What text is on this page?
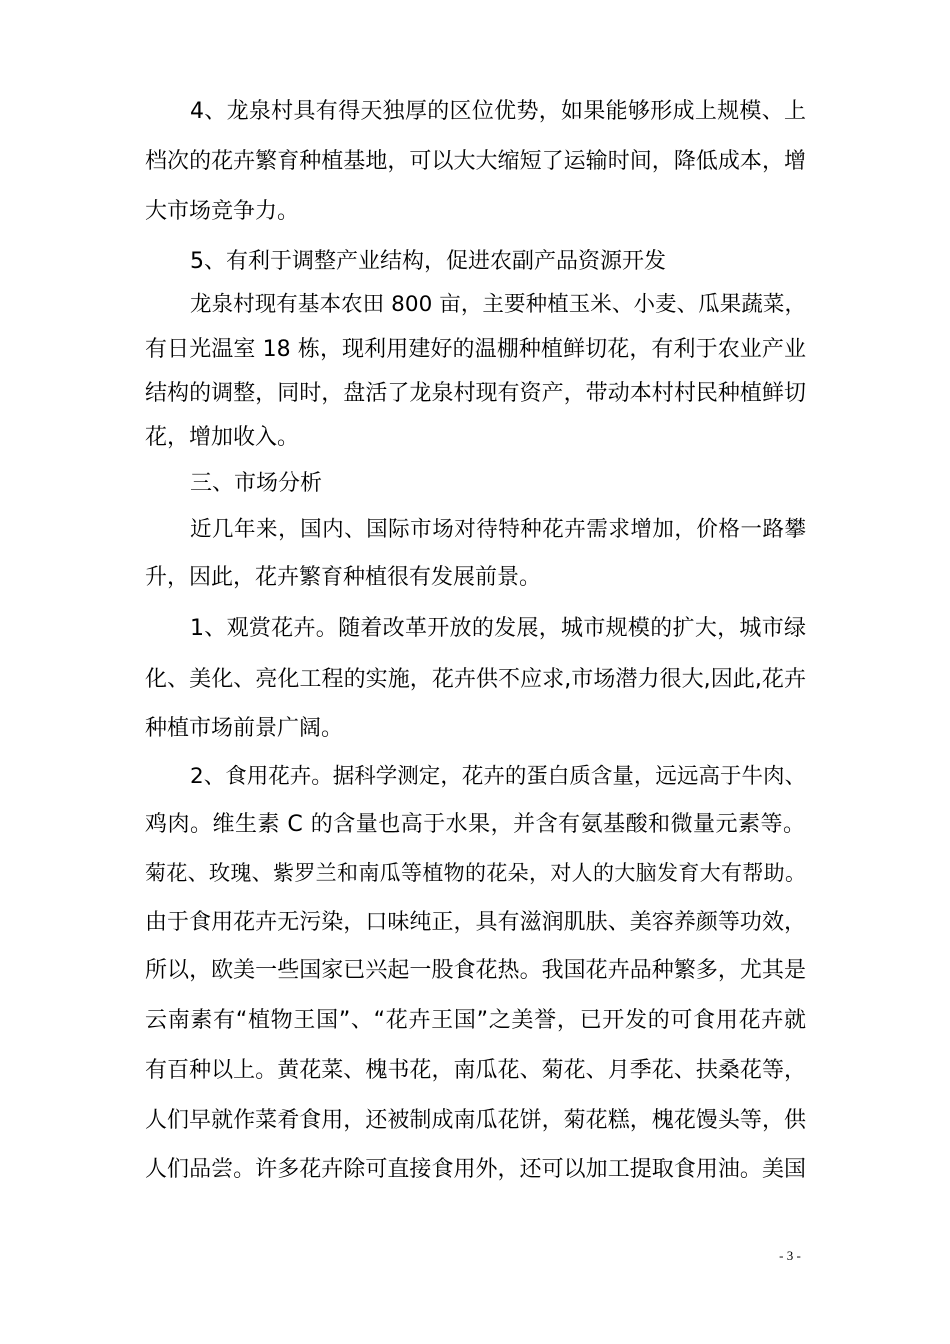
4、龙泉村具有得天独厚的区位优势，如果能够形成上规模、上
档次的花卉繁育种植基地，可以大大缩短了运输时间，降低成本，增
大市场竞争力。
5、有利于调整产业结构，促进农副产品资源开发
龙泉村现有基本农田 800 亩，主要种植玉米、小麦、瓜果蔬菜，
有日光温室 18 栋，现利用建好的温棚种植鲜切花，有利于农业产业
结构的调整，同时，盘活了龙泉村现有资产，带动本村村民种植鲜切
花，增加收入。
三、市场分析
近几年来，国内、国际市场对待特种花卉需求增加，价格一路攀
升，因此，花卉繁育种植很有发展前景。
1、观赏花卉。随着改革开放的发展，城市规模的扩大，城市绿
化、美化、亮化工程的实施，花卉供不应求,市场潜力很大,因此,花卉
种植市场前景广阔。
2、食用花卉。据科学测定，花卉的蛋白质含量，远远高于牛肉、
鸡肉。维生素 C 的含量也高于水果，并含有氨基酸和微量元素等。
菊花、玫瑰、紫罗兰和南瓜等植物的花朵，对人的大脑发育大有帮助。
由于食用花卉无污染，口味纯正，具有滋润肌肤、美容养颜等功效，
所以，欧美一些国家已兴起一股食花热。我国花卉品种繁多，尤其是
云南素有“植物王国”、“花卉王国”之美誉，已开发的可食用花卉就
有百种以上。黄花菜、槐书花，南瓜花、菊花、月季花、扶桑花等，
人们早就作菜肴食用，还被制成南瓜花饼，菊花糕，槐花馒头等，供
人们品尝。许多花卉除可直接食用外，还可以加工提取食用油。美国
- 3 -
